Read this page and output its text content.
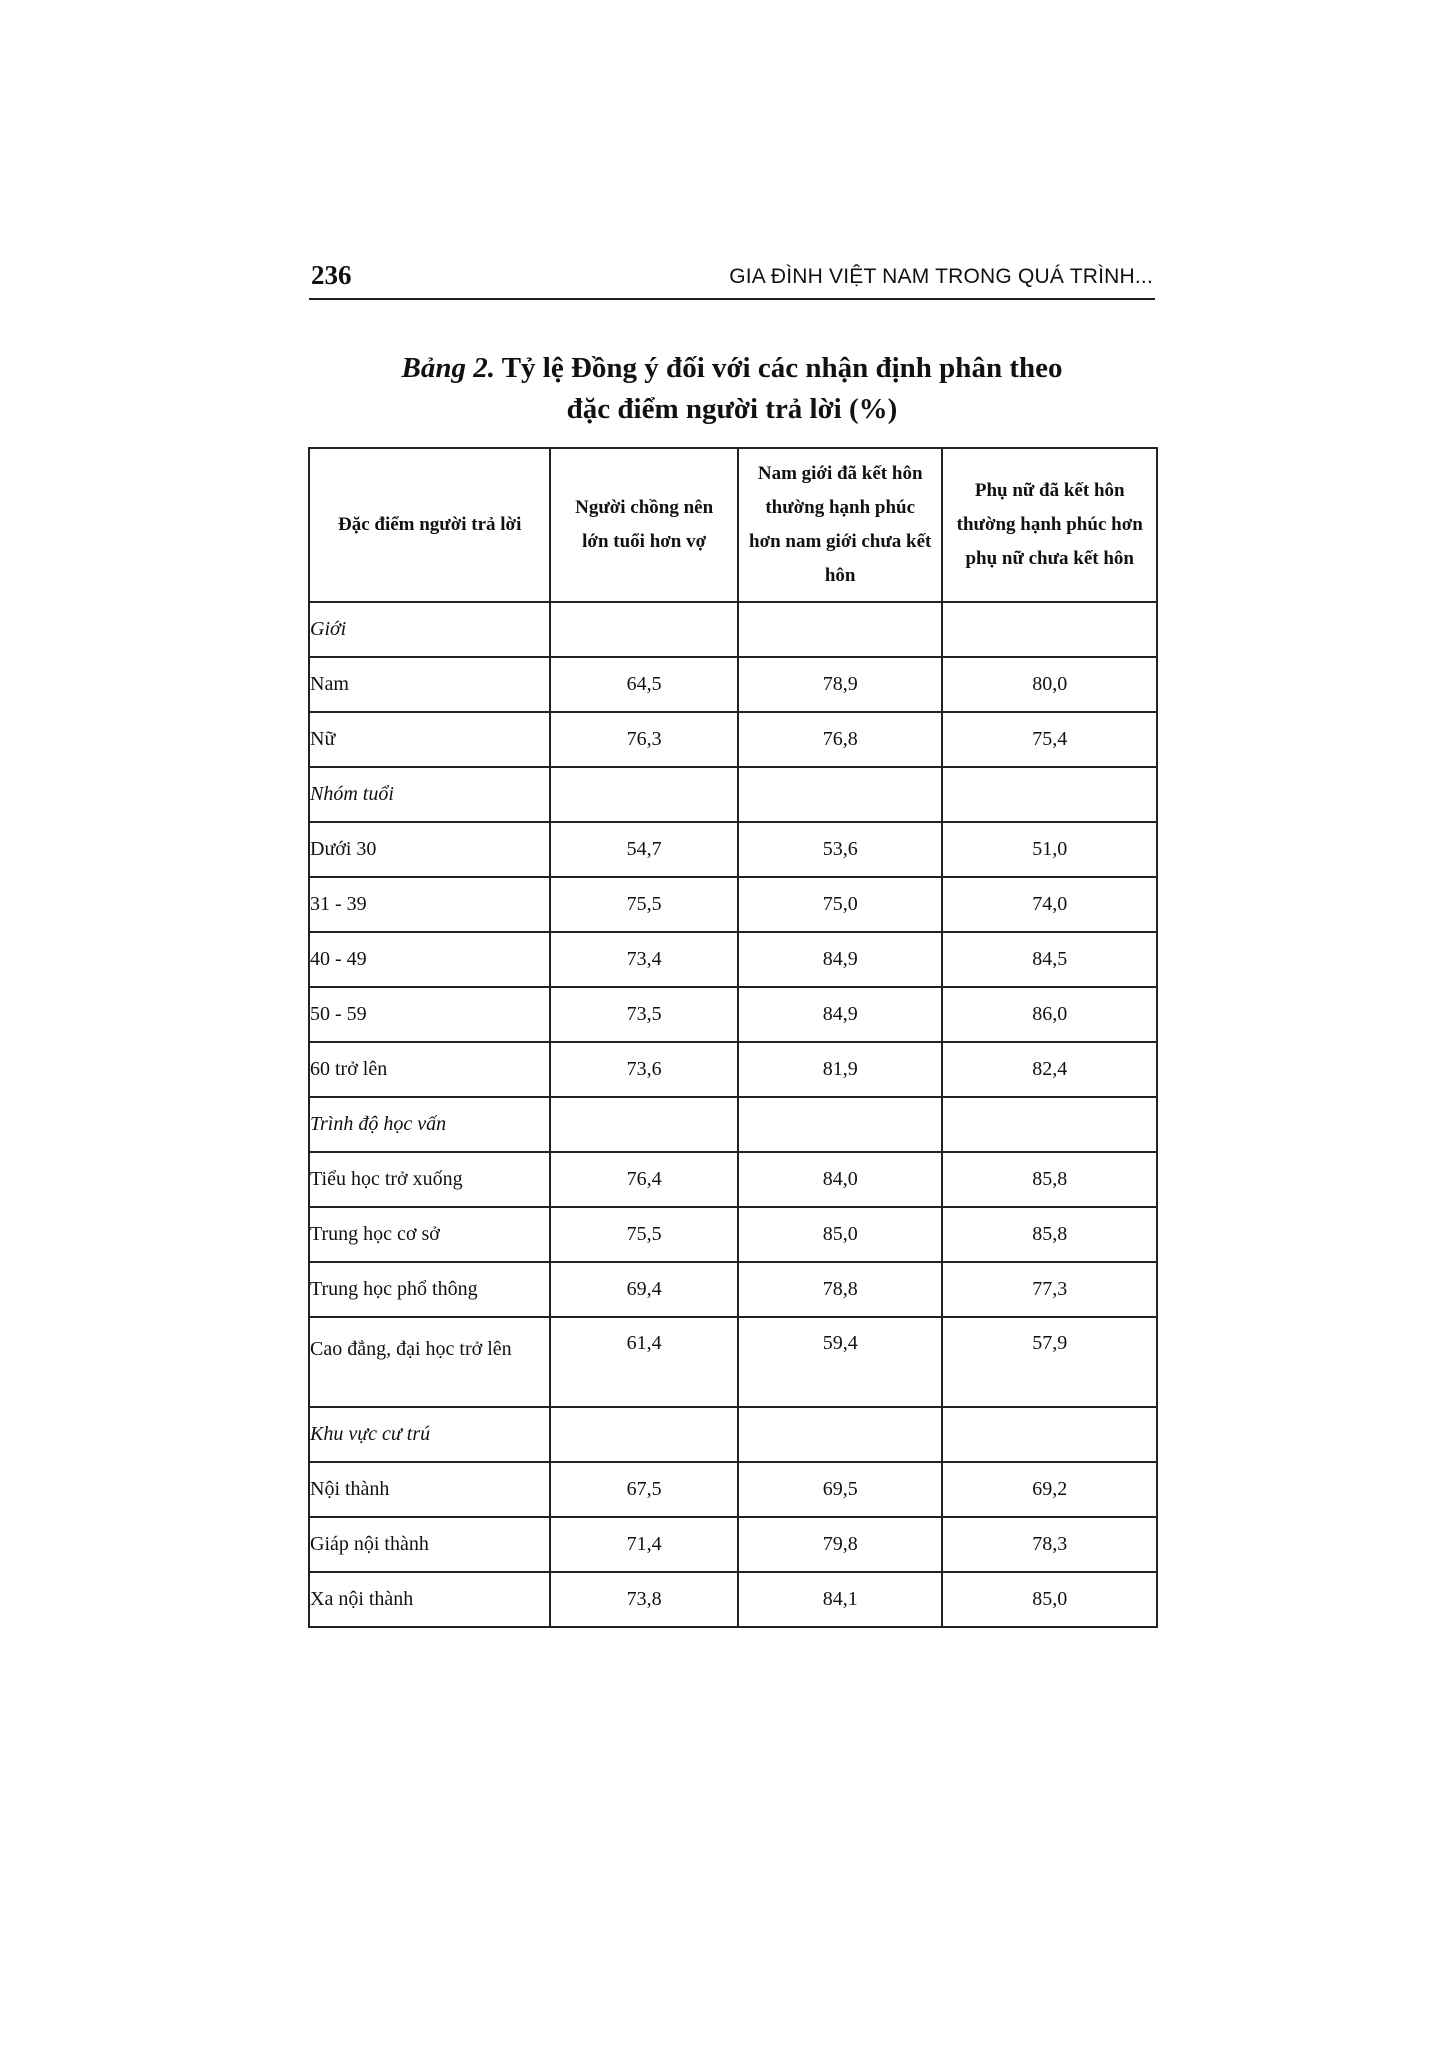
236	GIA ĐÌNH VIỆT NAM TRONG QUÁ TRÌNH...
Bảng 2. Tỷ lệ Đồng ý đối với các nhận định phân theo
đặc điểm người trả lời (%)
Đặc điểm người trả lời	Người chồng nên lớn tuổi hơn vợ	Nam giới đã kết hôn thường hạnh phúc hơn nam giới chưa kết hôn	Phụ nữ đã kết hôn thường hạnh phúc hơn phụ nữ chưa kết hôn
Giới			
Nam	64,5	78,9	80,0
Nữ	76,3	76,8	75,4
Nhóm tuổi			
Dưới 30	54,7	53,6	51,0
31 - 39	75,5	75,0	74,0
40 - 49	73,4	84,9	84,5
50 - 59	73,5	84,9	86,0
60 trở lên	73,6	81,9	82,4
Trình độ học vấn			
Tiểu học trở xuống	76,4	84,0	85,8
Trung học cơ sở	75,5	85,0	85,8
Trung học phổ thông	69,4	78,8	77,3
Cao đẳng, đại học trở lên	61,4	59,4	57,9
Khu vực cư trú			
Nội thành	67,5	69,5	69,2
Giáp nội thành	71,4	79,8	78,3
Xa nội thành	73,8	84,1	85,0
